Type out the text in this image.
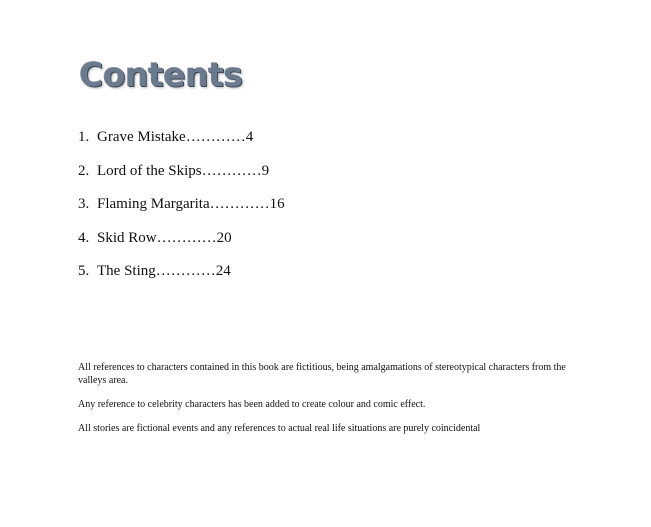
Contents
1. Grave Mistake…………4
2. Lord of the Skips…………9
3. Flaming Margarita…………16
4. Skid Row…………20
5. The Sting…………24

All references to characters contained in this book are fictitious, being amalgamations of stereotypical characters from the valleys area.

Any reference to celebrity characters has been added to create colour and comic effect.

All stories are fictional events and any references to actual real life situations are purely coincidental
